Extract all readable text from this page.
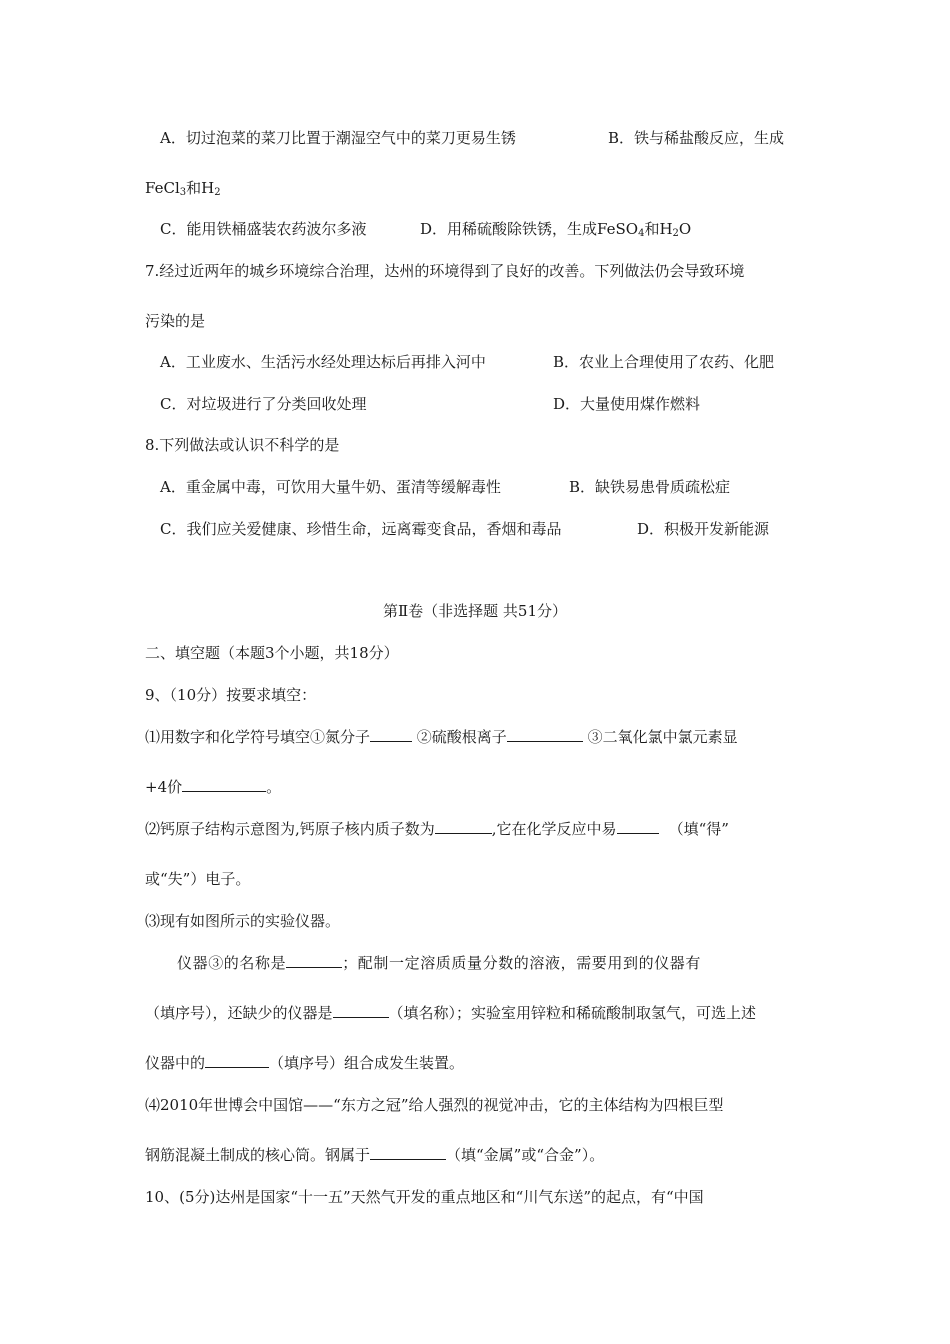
A．切过泡菜的菜刀比置于潮湿空气中的菜刀更易生锈	B．铁与稀盐酸反应，生成
FeCl$_3$和$H_2$
C．能用铁桶盛装农药波尔多液	D．用稀硫酸除铁锈，生成FeSO$_4$和$H_2O$
7.经过近两年的城乡环境综合治理，达州的环境得到了良好的改善。下列做法仍会导致环境
污染的是
A．工业废水、生活污水经处理达标后再排入河中	B．农业上合理使用了农药、化肥
C．对垃圾进行了分类回收处理	D．大量使用煤作燃料
8.下列做法或认识不科学的是
A．重金属中毒，可饮用大量牛奶、蛋清等缓解毒性	B．缺铁易患骨质疏松症
C．我们应关爱健康、珍惜生命，远离霉变食品，香烟和毒品	D．积极开发新能源
第Ⅱ卷（非选择题 共51分）
二、填空题（本题3个小题，共18分）
9、（10分）按要求填空：
⑴用数字和化学符号填空①氮分子	②硫酸根离子	③二氧化氯中氯元素显
+4价	。
⑵钙原子结构示意图为,钙原子核内质子数为	,它在化学反应中易	（填“得”
或“失”）电子。
⑶现有如图所示的实验仪器。
仪器③的名称是	；配制一定溶质质量分数的溶液，需要用到的仪器有
（填序号），还缺少的仪器是	（填名称）；实验室用锌粒和稀硫酸制取氢气，可选上述
仪器中的	（填序号）组合成发生装置。
⑷2010年世博会中国馆——“东方之冠”给人强烈的视觉冲击，它的主体结构为四根巨型
钢筋混凝土制成的核心筒。钢属于	（填“金属”或“合金”）。
10、(5分)达州是国家“十一五”天然气开发的重点地区和“川气东送”的起点，有“中国
